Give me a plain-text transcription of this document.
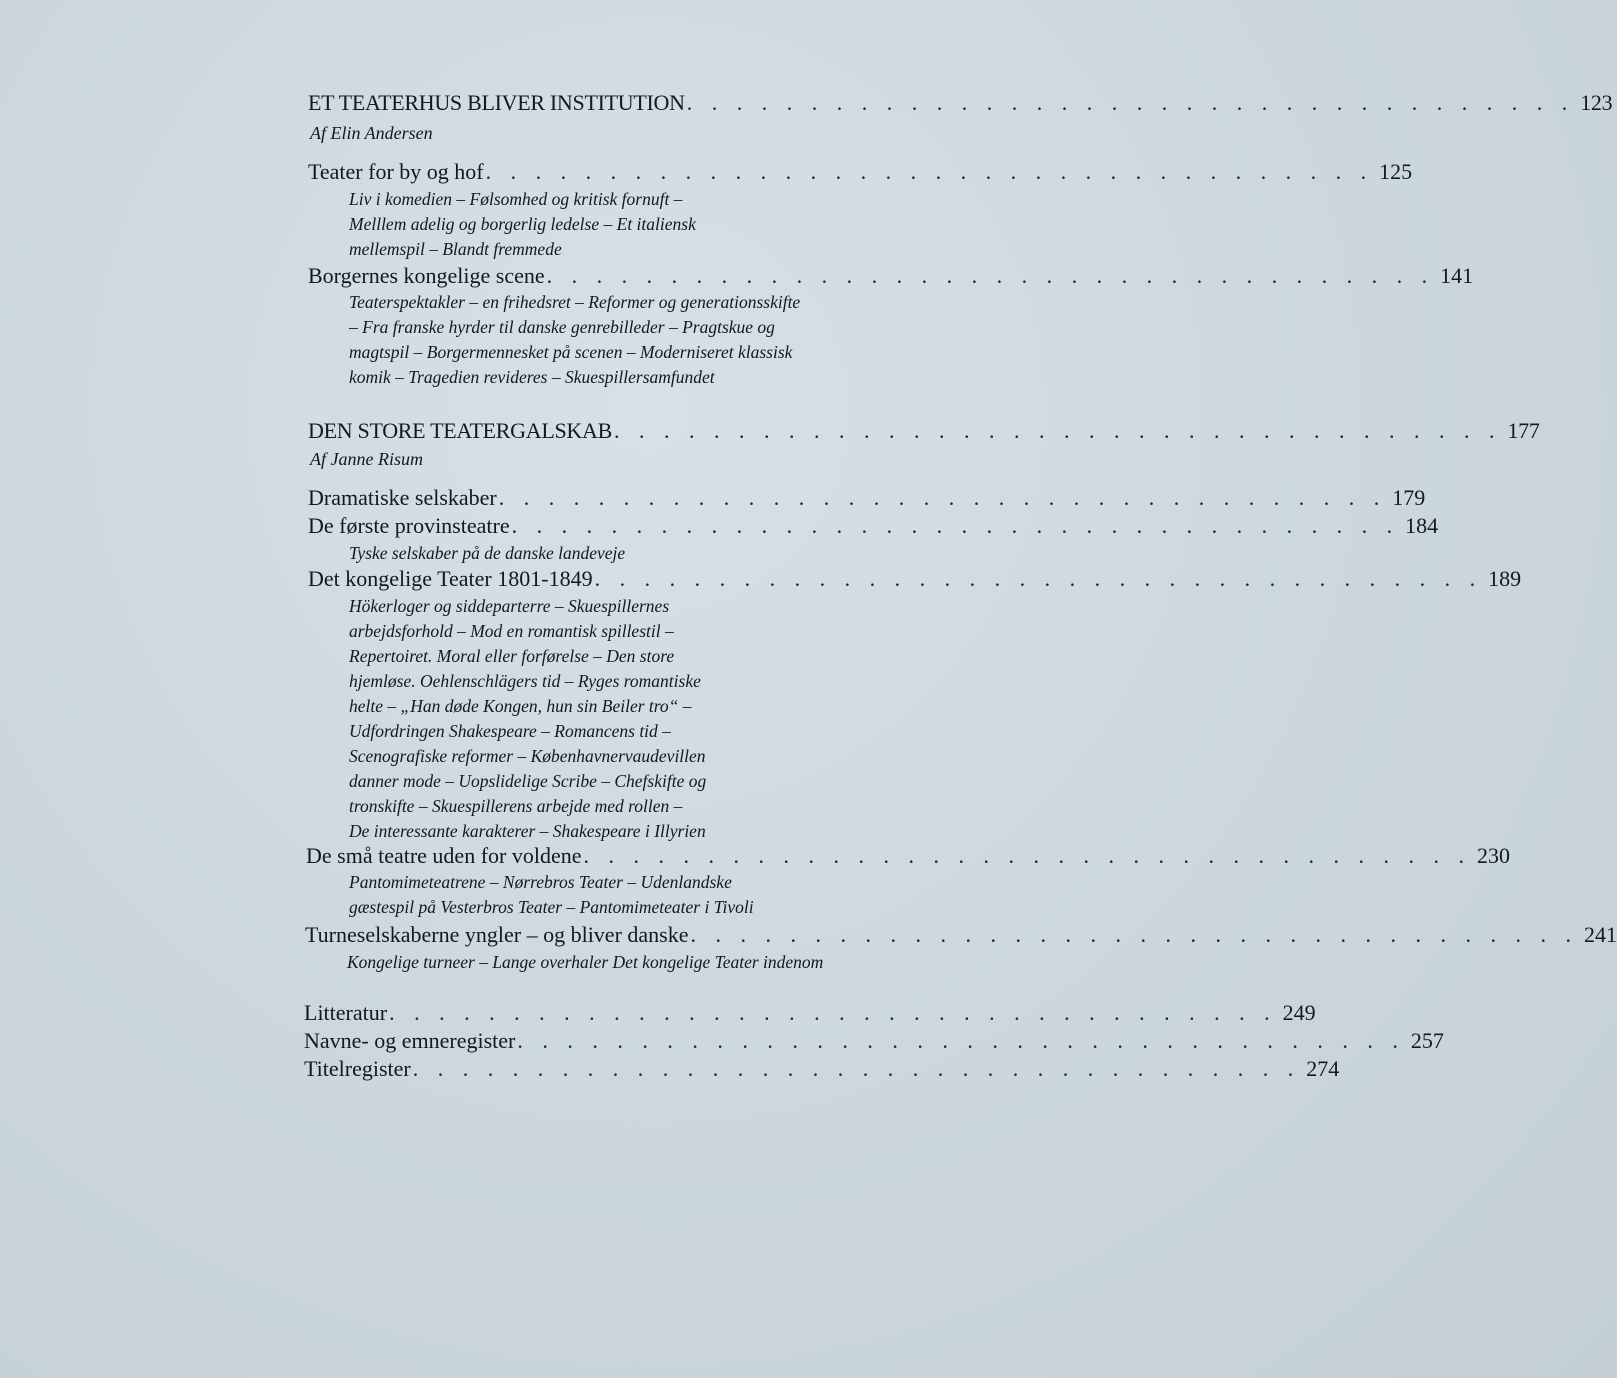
ET TEATERHUS BLIVER INSTITUTION . . . . . . . . . . . . . . . . . . . . . . . . . . . . . . . . . . . . 123
Af Elin Andersen
Teater for by og hof . . . . . . . . . . . . . . . . . . . . . . . . . . . . . . . . . . . . 125
Liv i komedien – Følsomhed og kritisk fornuft –
Melllem adelig og borgerlig ledelse – Et italiensk
mellemspil – Blandt fremmede
Borgernes kongelige scene . . . . . . . . . . . . . . . . . . . . . . . . . . . . . . . . . . . . 141
Teaterspektakler – en frihedsret – Reformer og generationsskifte
– Fra franske hyrder til danske genrebilleder – Pragtskue og
magtspil – Borgermennesket på scenen – Moderniseret klassisk
komik – Tragedien revideres – Skuespillersamfundet
DEN STORE TEATERGALSKAB . . . . . . . . . . . . . . . . . . . . . . . . . . . . . . . . . . . . 177
Af Janne Risum
Dramatiske selskaber . . . . . . . . . . . . . . . . . . . . . . . . . . . . . . . . . . . . 179
De første provinsteatre . . . . . . . . . . . . . . . . . . . . . . . . . . . . . . . . . . . . 184
Tyske selskaber på de danske landeveje
Det kongelige Teater 1801-1849 . . . . . . . . . . . . . . . . . . . . . . . . . . . . . . . . . . . . 189
Hökerloger og siddeparterre – Skuespillernes
arbejdsforhold – Mod en romantisk spillestil –
Repertoiret. Moral eller forførelse – Den store
hjemløse. Oehlenschlägers tid – Ryges romantiske
helte – „Han døde Kongen, hun sin Beiler tro“ –
Udfordringen Shakespeare – Romancens tid –
Scenografiske reformer – Københavnervaudevillen
danner mode – Uopslidelige Scribe – Chefskifte og
tronskifte – Skuespillerens arbejde med rollen –
De interessante karakterer – Shakespeare i Illyrien
De små teatre uden for voldene . . . . . . . . . . . . . . . . . . . . . . . . . . . . . . . . . . . . 230
Pantomimeteatrene – Nørrebros Teater – Udenlandske
gæstespil på Vesterbros Teater – Pantomimeteater i Tivoli
Turneselskaberne yngler – og bliver danske . . . . . . . . . . . . . . . . . . . . . . . . . . . . . . . . . . . . 241
Kongelige turneer – Lange overhaler Det kongelige Teater indenom
Litteratur . . . . . . . . . . . . . . . . . . . . . . . . . . . . . . . . . . . . 249
Navne- og emneregister . . . . . . . . . . . . . . . . . . . . . . . . . . . . . . . . . . . . 257
Titelregister . . . . . . . . . . . . . . . . . . . . . . . . . . . . . . . . . . . . 274
